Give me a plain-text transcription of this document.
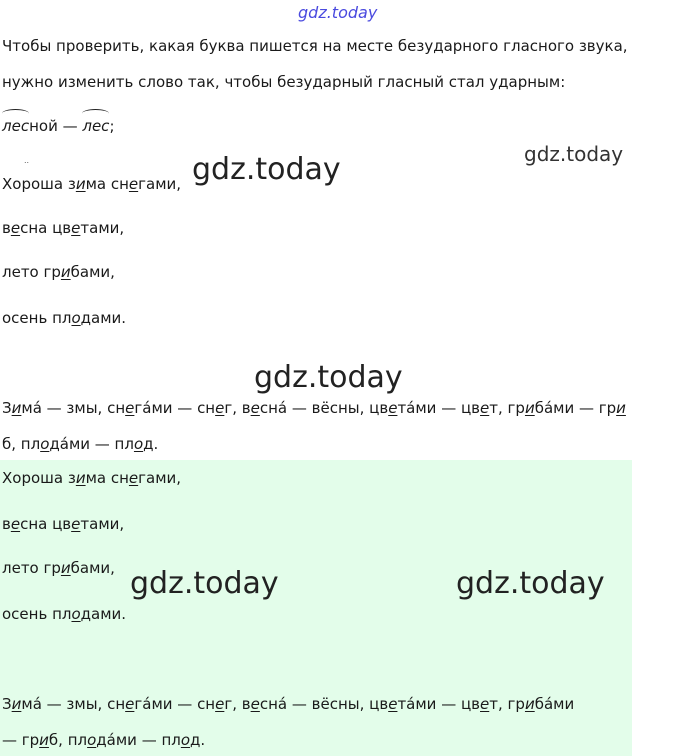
gdz.today
Чтобы проверить, какая буква пишется на месте безударного гласного звука,
нужно изменить слово так, чтобы безударный гласный стал ударным:
лесной — лес;
..	gdz.today
gdz.today
Хороша зима снегами,
весна цветами,
лето грибами,
осень плодами.
gdz.today
Зима́ — змы, снега́ми — снег, весна́ — вёсны, цвета́ми — цвет, гриба́ми — гри
б, плода́ми — плод.
Хороша зима снегами,
весна цветами,
лето грибами,
осень плодами.
gdz.today	gdz.today
Зима́ — змы, снега́ми — снег, весна́ — вёсны, цвета́ми — цвет, гриба́ми
— гриб, плода́ми — плод.
